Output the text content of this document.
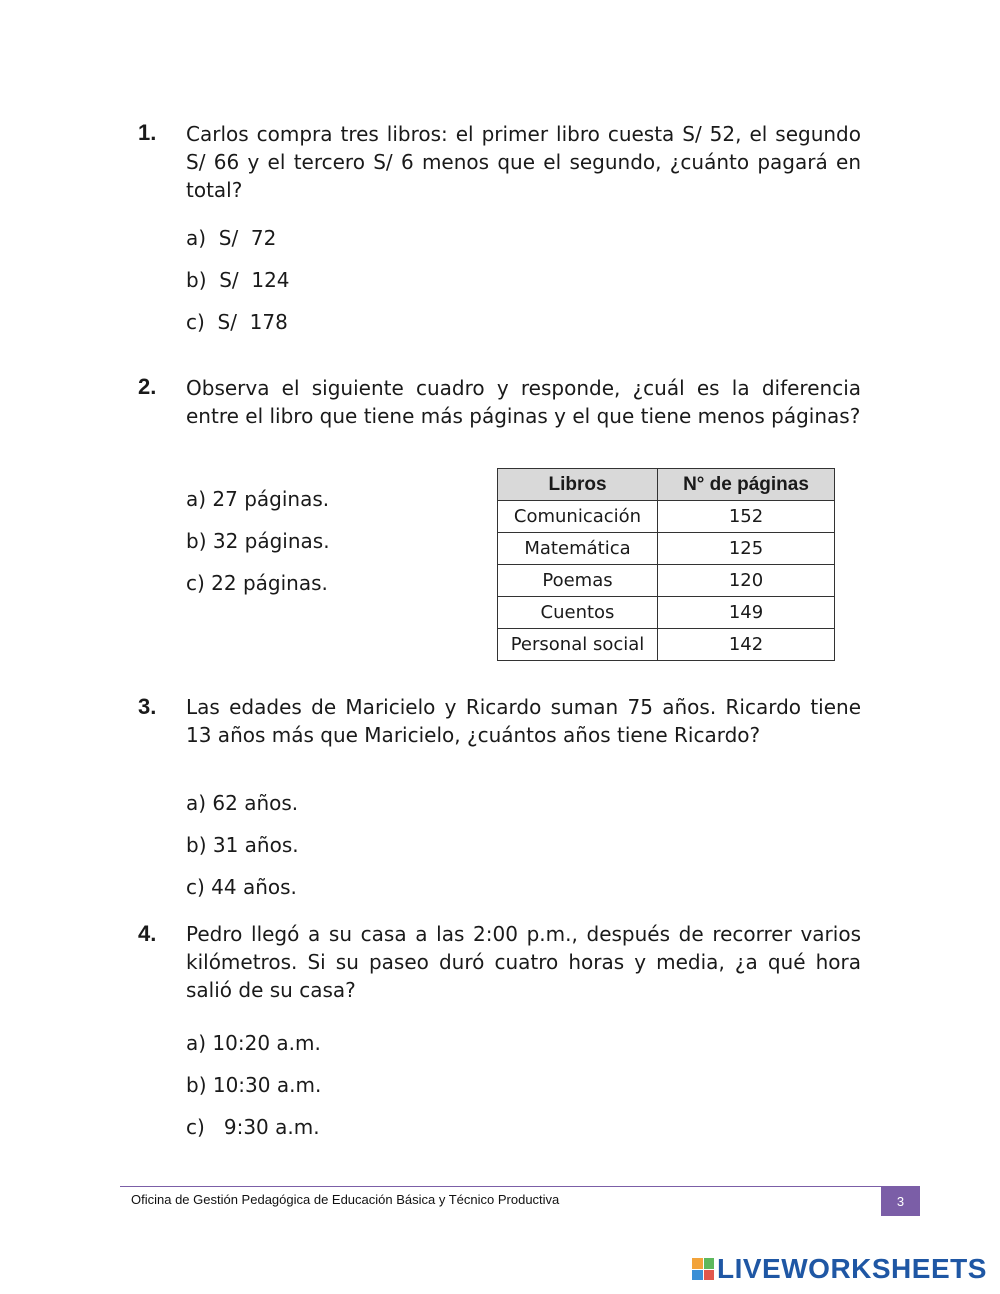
1. Carlos compra tres libros: el primer libro cuesta S/ 52, el segundo S/ 66 y el tercero S/ 6 menos que el segundo, ¿cuánto pagará en total?
a)  S/  72
b)  S/  124
c)  S/  178
2. Observa el siguiente cuadro y responde, ¿cuál es la diferencia entre el libro que tiene más páginas y el que tiene menos páginas?
a) 27 páginas.
b) 32 páginas.
c) 22 páginas.
Libros	N° de páginas
Comunicación	152
Matemática	125
Poemas	120
Cuentos	149
Personal social	142
3. Las edades de Maricielo y Ricardo suman 75 años. Ricardo tiene 13 años más que Maricielo, ¿cuántos años tiene Ricardo?
a) 62 años.
b) 31 años.
c) 44 años.
4. Pedro llegó a su casa a las 2:00 p.m., después de recorrer varios kilómetros. Si su paseo duró cuatro horas y media, ¿a qué hora salió de su casa?
a) 10:20 a.m.
b) 10:30 a.m.
c)   9:30 a.m.
Oficina de Gestión Pedagógica de Educación Básica y Técnico Productiva	3
LIVEWORKSHEETS
